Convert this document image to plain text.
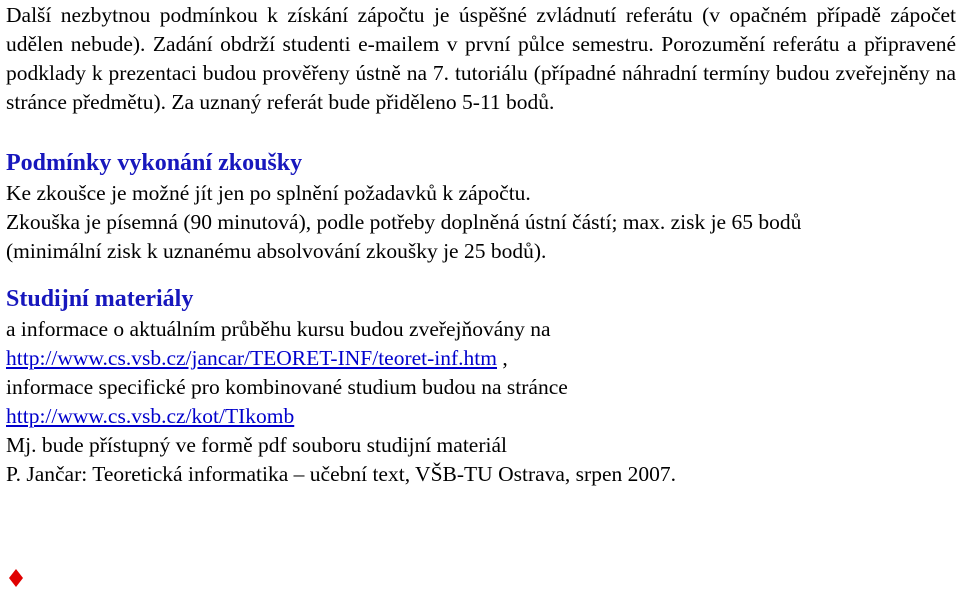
Další nezbytnou podmínkou k získání zápočtu je úspěšné zvládnutí referátu (v opačném případě zápočet udělen nebude). Zadání obdrží studenti e-mailem v první půlce semestru. Porozumění referátu a připravené podklady k prezentaci budou prověřeny ústně na 7. tutoriálu (případné náhradní termíny budou zveřejněny na stránce předmětu). Za uznaný referát bude přiděleno 5-11 bodů.

Podmínky vykonání zkoušky

Ke zkoušce je možné jít jen po splnění požadavků k zápočtu.

Zkouška je písemná (90 minutová), podle potřeby doplněná ústní částí; max. zisk je 65 bodů

(minimální zisk k uznanému absolvování zkoušky je 25 bodů).

Studijní materiály

a informace o aktuálním průběhu kursu budou zveřejňovány na

http://www.cs.vsb.cz/jancar/TEORET-INF/teoret-inf.htm ,

informace specifické pro kombinované studium budou na stránce

http://www.cs.vsb.cz/kot/TIkomb

Mj. bude přístupný ve formě pdf souboru studijní materiál

P. Jančar: Teoretická informatika – učební text, VŠB-TU Ostrava, srpen 2007.
